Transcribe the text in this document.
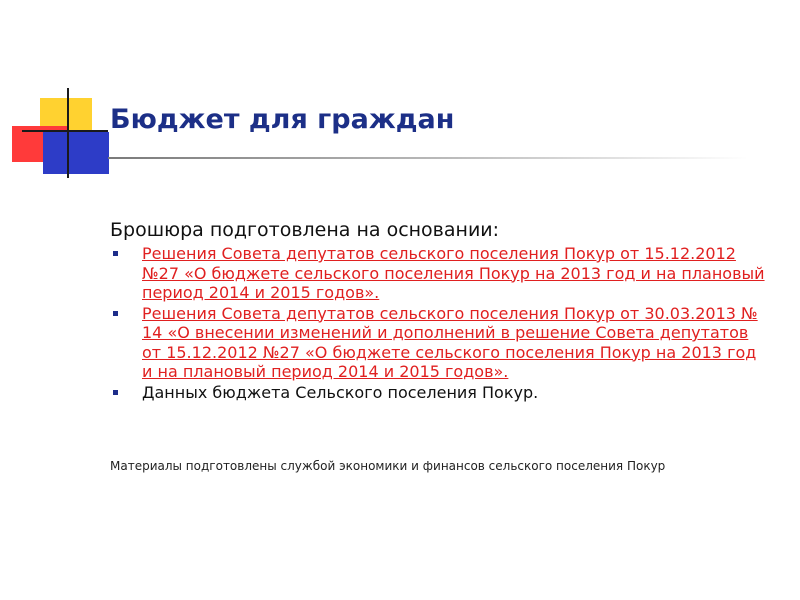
Бюджет для граждан

Брошюра подготовлена на основании:

Решения Совета депутатов сельского поселения Покур от 15.12.2012 №27 «О бюджете сельского поселения Покур на 2013 год и на плановый период 2014 и 2015 годов».
Решения Совета депутатов сельского поселения Покур от 30.03.2013 № 14 «О внесении изменений и дополнений в решение Совета депутатов от 15.12.2012 №27 «О бюджете сельского поселения Покур на 2013 год и на плановый период 2014 и 2015 годов».
Данных бюджета Сельского поселения Покур.
Материалы подготовлены службой экономики и финансов сельского поселения Покур
